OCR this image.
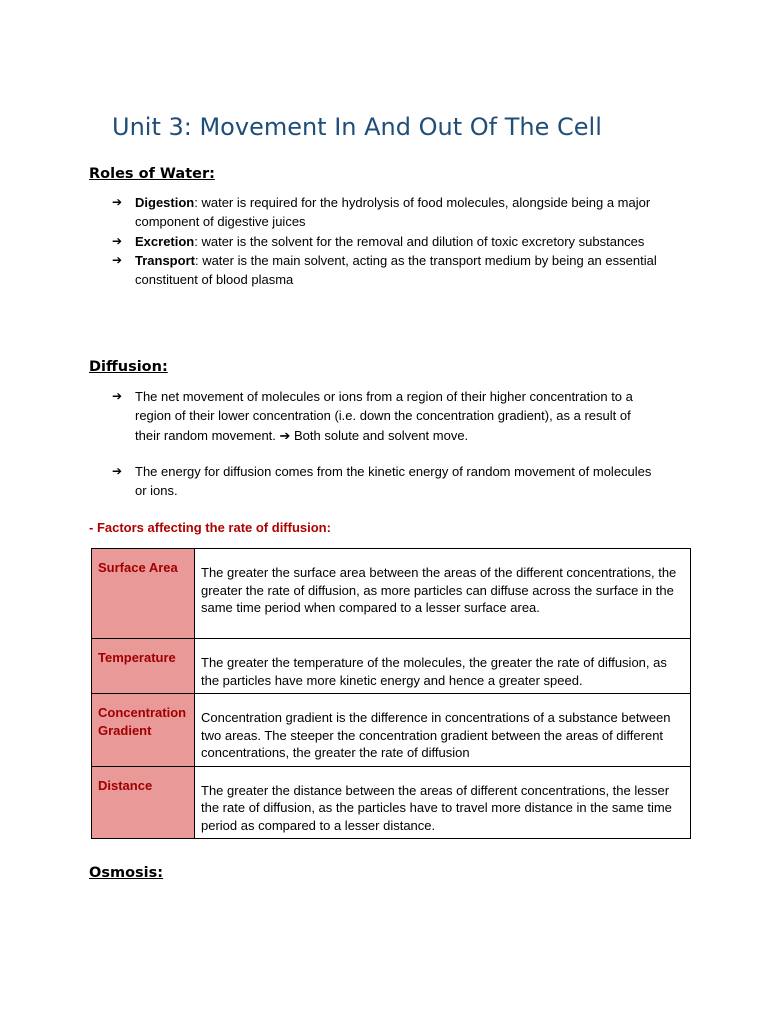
Unit 3: Movement In And Out Of The Cell
Roles of Water:
➔ Digestion: water is required for the hydrolysis of food molecules, alongside being a major component of digestive juices
➔ Excretion: water is the solvent for the removal and dilution of toxic excretory substances
➔ Transport: water is the main solvent, acting as the transport medium by being an essential constituent of blood plasma
Diffusion:
➔ The net movement of molecules or ions from a region of their higher concentration to a region of their lower concentration (i.e. down the concentration gradient), as a result of their random movement. ➔ Both solute and solvent move.
➔ The energy for diffusion comes from the kinetic energy of random movement of molecules or ions.

- Factors affecting the rate of diffusion:

Surface Area	The greater the surface area between the areas of the different concentrations, the greater the rate of diffusion, as more particles can diffuse across the surface in the same time period when compared to a lesser surface area.
Temperature	The greater the temperature of the molecules, the greater the rate of diffusion, as the particles have more kinetic energy and hence a greater speed.
Concentration Gradient	Concentration gradient is the difference in concentrations of a substance between two areas. The steeper the concentration gradient between the areas of different concentrations, the greater the rate of diffusion
Distance	The greater the distance between the areas of different concentrations, the lesser the rate of diffusion, as the particles have to travel more distance in the same time period as compared to a lesser distance.
Osmosis:
